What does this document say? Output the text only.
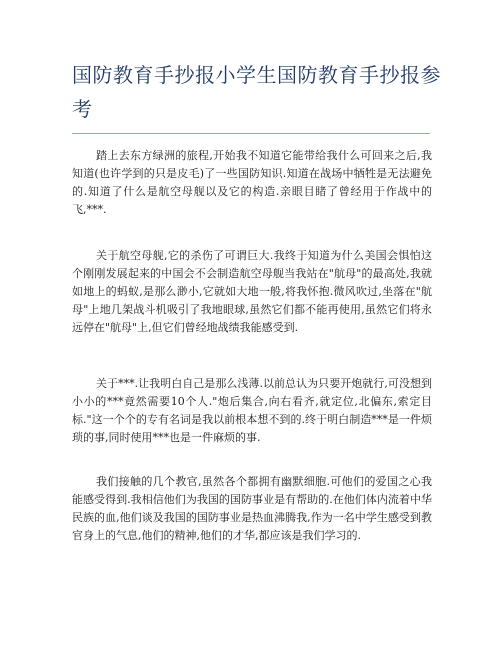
国防教育手抄报小学生国防教育手抄报参考

踏上去东方绿洲的旅程,开始我不知道它能带给我什么可回来之后,我知道(也许学到的只是皮毛)了一些国防知识.知道在战场中牺牲是无法避免的.知道了什么是航空母舰以及它的构造.亲眼目睹了曾经用于作战中的飞,***.

关于航空母舰,它的杀伤了可谓巨大.我终于知道为什么美国会惧怕这个刚刚发展起来的中国会不会制造航空母舰当我站在"航母"的最高处,我就如地上的蚂蚁,是那么渺小,它就如大地一般,将我怀抱.微风吹过,坐落在"航母"上地几架战斗机吸引了我地眼球,虽然它们都不能再使用,虽然它们将永远停在"航母"上,但它们曾经地战绩我能感受到.

关于***.让我明白自己是那么浅薄.以前总认为只要开炮就行,可没想到小小的***竟然需要10个人."炮后集合,向右看齐,就定位,北偏东,索定目标."这一个个的专有名词是我以前根本想不到的.终于明白制造***是一件烦琐的事,同时使用***也是一件麻烦的事.

我们接触的几个教官,虽然各个都拥有幽默细胞.可他们的爱国之心我能感受得到.我相信他们为我国的国防事业是有帮助的.在他们体内流着中华民族的血,他们谈及我国的国防事业是热血沸腾我,作为一名中学生感受到教官身上的气息,他们的精神,他们的才华,都应该是我们学习的.
